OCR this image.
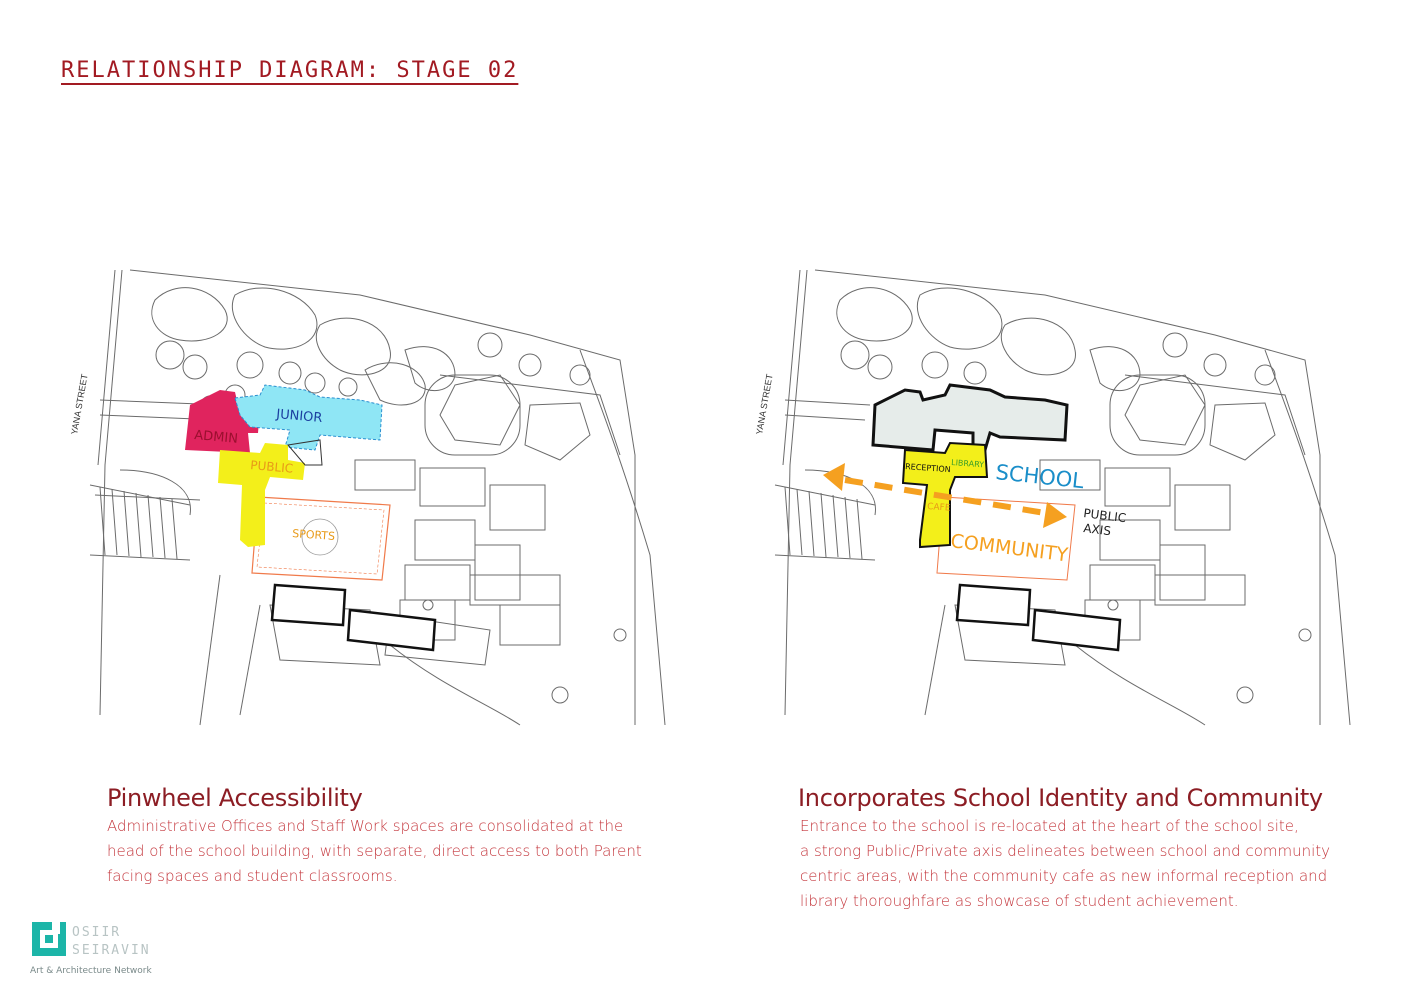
RELATIONSHIP DIAGRAM: STAGE 02
YANA STREET
ADMIN
JUNIOR
PUBLIC
SPORTS
YANA STREET
RECEPTION LIBRARY
CAFE
SCHOOL
COMMUNITY
PUBLIC
AXIS
Pinwheel Accessibility
Administrative Offices and Staff Work spaces are consolidated at the
head of the school building, with separate, direct access to both Parent
facing spaces and student classrooms.
Incorporates School Identity and Community
Entrance to the school is re-located at the heart of the school site,
a strong Public/Private axis delineates between school and community
centric areas, with the community cafe as new informal reception and
library thoroughfare as showcase of student achievement.
OSIIR
SEIRAVIN
Art & Architecture Network
